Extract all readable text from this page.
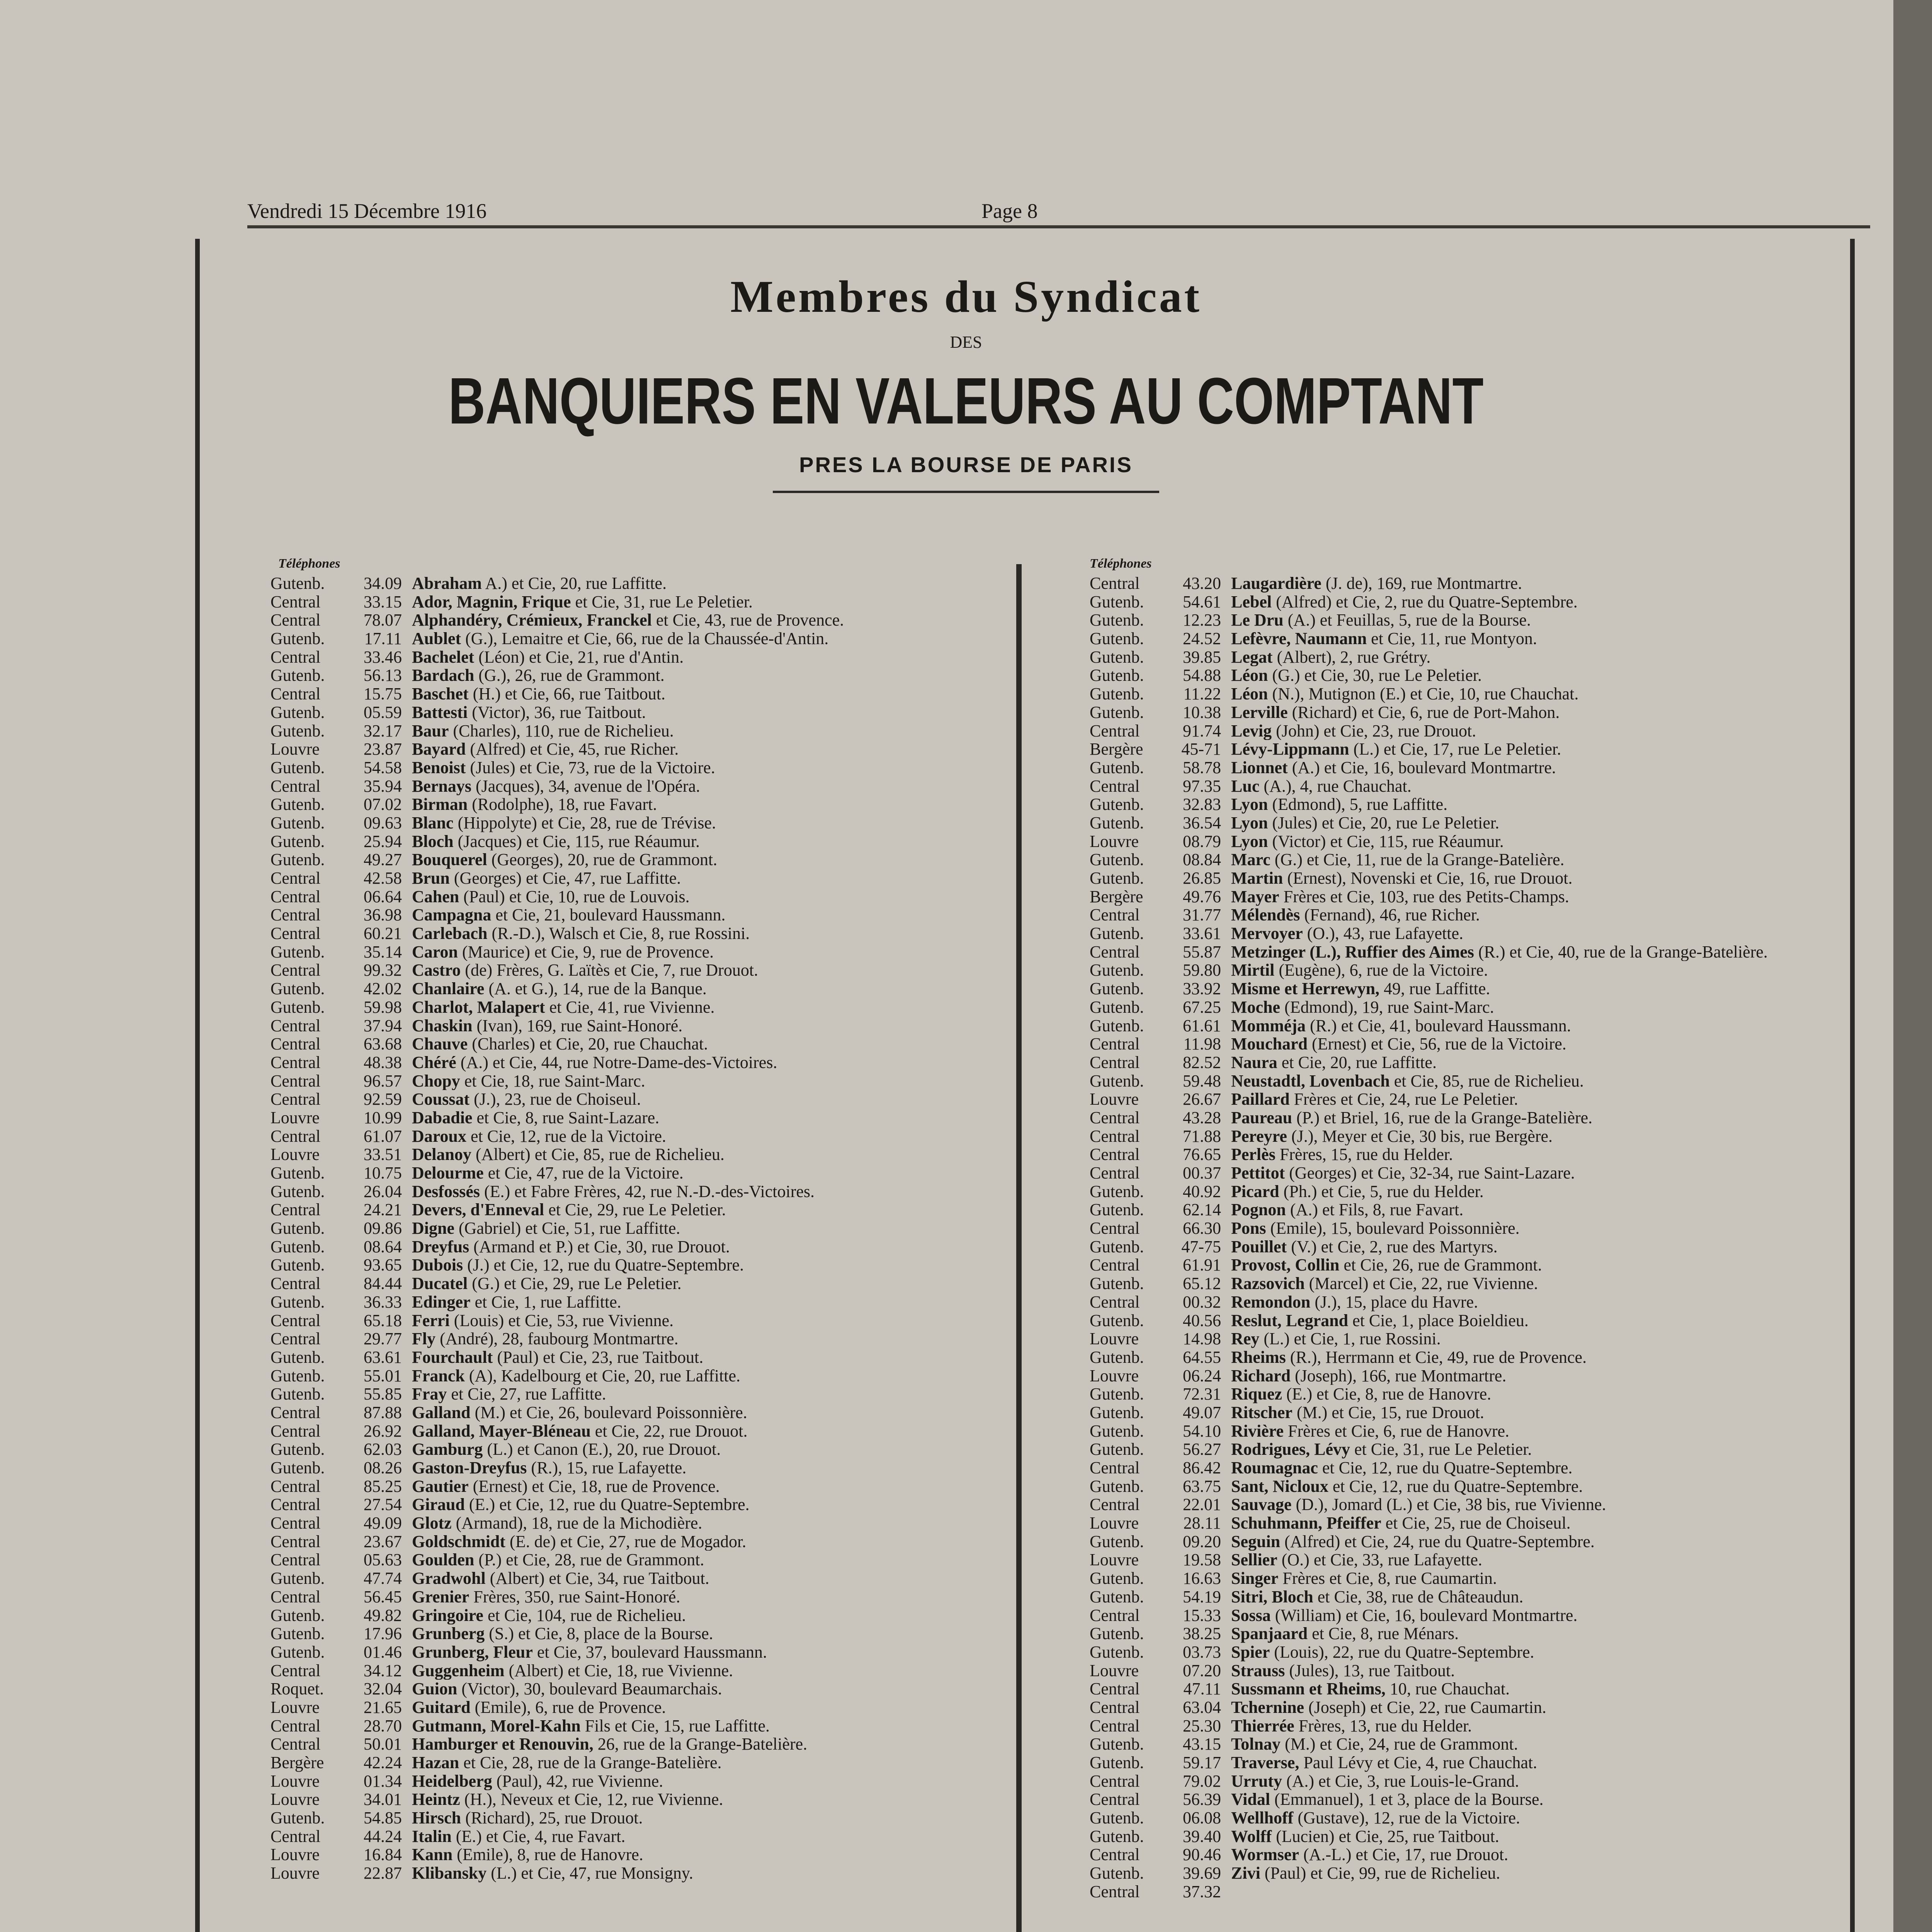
Vendredi 15 Décembre 1916	Page 8
Membres du Syndicat
DES
BANQUIERS EN VALEURS AU COMPTANT
PRES LA BOURSE DE PARIS
Téléphones
Gutenb.	34.09 Abraham A.) et Cie, 20, rue Laffitte.
Central	33.15 Ador, Magnin, Frique et Cie, 31, rue Le Peletier.
Central	78.07 Alphandéry, Crémieux, Franckel et Cie, 43, rue de Provence.
Gutenb.	17.11 Aublet (G.), Lemaitre et Cie, 66, rue de la Chaussée-d'Antin.
Central	33.46 Bachelet (Léon) et Cie, 21, rue d'Antin.
Gutenb.	56.13 Bardach (G.), 26, rue de Grammont.
Central	15.75 Baschet (H.) et Cie, 66, rue Taitbout.
Gutenb.	05.59 Battesti (Victor), 36, rue Taitbout.
Gutenb.	32.17 Baur (Charles), 110, rue de Richelieu.
Louvre	23.87 Bayard (Alfred) et Cie, 45, rue Richer.
Gutenb.	54.58 Benoist (Jules) et Cie, 73, rue de la Victoire.
Central	35.94 Bernays (Jacques), 34, avenue de l'Opéra.
Gutenb.	07.02 Birman (Rodolphe), 18, rue Favart.
Gutenb.	09.63 Blanc (Hippolyte) et Cie, 28, rue de Trévise.
Gutenb.	25.94 Bloch (Jacques) et Cie, 115, rue Réaumur.
Gutenb.	49.27 Bouquerel (Georges), 20, rue de Grammont.
Central	42.58 Brun (Georges) et Cie, 47, rue Laffitte.
Central	06.64 Cahen (Paul) et Cie, 10, rue de Louvois.
Central	36.98 Campagna et Cie, 21, boulevard Haussmann.
Central	60.21 Carlebach (R.-D.), Walsch et Cie, 8, rue Rossini.
Gutenb.	35.14 Caron (Maurice) et Cie, 9, rue de Provence.
Central	99.32 Castro (de) Frères, G. Laïtès et Cie, 7, rue Drouot.
Gutenb.	42.02 Chanlaire (A. et G.), 14, rue de la Banque.
Gutenb.	59.98 Charlot, Malapert et Cie, 41, rue Vivienne.
Central	37.94 Chaskin (Ivan), 169, rue Saint-Honoré.
Central	63.68 Chauve (Charles) et Cie, 20, rue Chauchat.
Central	48.38 Chéré (A.) et Cie, 44, rue Notre-Dame-des-Victoires.
Central	96.57 Chopy et Cie, 18, rue Saint-Marc.
Central	92.59 Coussat (J.), 23, rue de Choiseul.
Louvre	10.99 Dabadie et Cie, 8, rue Saint-Lazare.
Central	61.07 Daroux et Cie, 12, rue de la Victoire.
Louvre	33.51 Delanoy (Albert) et Cie, 85, rue de Richelieu.
Gutenb.	10.75 Delourme et Cie, 47, rue de la Victoire.
Gutenb.	26.04 Desfossés (E.) et Fabre Frères, 42, rue N.-D.-des-Victoires.
Central	24.21 Devers, d'Enneval et Cie, 29, rue Le Peletier.
Gutenb.	09.86 Digne (Gabriel) et Cie, 51, rue Laffitte.
Gutenb.	08.64 Dreyfus (Armand et P.) et Cie, 30, rue Drouot.
Gutenb.	93.65 Dubois (J.) et Cie, 12, rue du Quatre-Septembre.
Central	84.44 Ducatel (G.) et Cie, 29, rue Le Peletier.
Gutenb.	36.33 Edinger et Cie, 1, rue Laffitte.
Central	65.18 Ferri (Louis) et Cie, 53, rue Vivienne.
Central	29.77 Fly (André), 28, faubourg Montmartre.
Gutenb.	63.61 Fourchault (Paul) et Cie, 23, rue Taitbout.
Gutenb.	55.01 Franck (A), Kadelbourg et Cie, 20, rue Laffitte.
Gutenb.	55.85 Fray et Cie, 27, rue Laffitte.
Central	87.88 Galland (M.) et Cie, 26, boulevard Poissonnière.
Central	26.92 Galland, Mayer-Bléneau et Cie, 22, rue Drouot.
Gutenb.	62.03 Gamburg (L.) et Canon (E.), 20, rue Drouot.
Gutenb.	08.26 Gaston-Dreyfus (R.), 15, rue Lafayette.
Central	85.25 Gautier (Ernest) et Cie, 18, rue de Provence.
Central	27.54 Giraud (E.) et Cie, 12, rue du Quatre-Septembre.
Central	49.09 Glotz (Armand), 18, rue de la Michodière.
Central	23.67 Goldschmidt (E. de) et Cie, 27, rue de Mogador.
Central	05.63 Goulden (P.) et Cie, 28, rue de Grammont.
Gutenb.	47.74 Gradwohl (Albert) et Cie, 34, rue Taitbout.
Central	56.45 Grenier Frères, 350, rue Saint-Honoré.
Gutenb.	49.82 Gringoire et Cie, 104, rue de Richelieu.
Gutenb.	17.96 Grunberg (S.) et Cie, 8, place de la Bourse.
Gutenb.	01.46 Grunberg, Fleur et Cie, 37, boulevard Haussmann.
Central	34.12 Guggenheim (Albert) et Cie, 18, rue Vivienne.
Roquet.	32.04 Guion (Victor), 30, boulevard Beaumarchais.
Louvre	21.65 Guitard (Emile), 6, rue de Provence.
Central	28.70 Gutmann, Morel-Kahn Fils et Cie, 15, rue Laffitte.
Central	50.01 Hamburger et Renouvin, 26, rue de la Grange-Batelière.
Bergère	42.24 Hazan et Cie, 28, rue de la Grange-Batelière.
Louvre	01.34 Heidelberg (Paul), 42, rue Vivienne.
Louvre	34.01 Heintz (H.), Neveux et Cie, 12, rue Vivienne.
Gutenb.	54.85 Hirsch (Richard), 25, rue Drouot.
Central	44.24 Italin (E.) et Cie, 4, rue Favart.
Louvre	16.84 Kann (Emile), 8, rue de Hanovre.
Louvre	22.87 Klibansky (L.) et Cie, 47, rue Monsigny.
Téléphones
Central	43.20 Laugardière (J. de), 169, rue Montmartre.
Gutenb.	54.61 Lebel (Alfred) et Cie, 2, rue du Quatre-Septembre.
Gutenb.	12.23 Le Dru (A.) et Feuillas, 5, rue de la Bourse.
Gutenb.	24.52 Lefèvre, Naumann et Cie, 11, rue Montyon.
Gutenb.	39.85 Legat (Albert), 2, rue Grétry.
Gutenb.	54.88 Léon (G.) et Cie, 30, rue Le Peletier.
Gutenb.	11.22 Léon (N.), Mutignon (E.) et Cie, 10, rue Chauchat.
Gutenb.	10.38 Lerville (Richard) et Cie, 6, rue de Port-Mahon.
Central	91.74 Levig (John) et Cie, 23, rue Drouot.
Bergère	45-71 Lévy-Lippmann (L.) et Cie, 17, rue Le Peletier.
Gutenb.	58.78 Lionnet (A.) et Cie, 16, boulevard Montmartre.
Central	97.35 Luc (A.), 4, rue Chauchat.
Gutenb.	32.83 Lyon (Edmond), 5, rue Laffitte.
Gutenb.	36.54 Lyon (Jules) et Cie, 20, rue Le Peletier.
Louvre	08.79 Lyon (Victor) et Cie, 115, rue Réaumur.
Gutenb.	08.84 Marc (G.) et Cie, 11, rue de la Grange-Batelière.
Gutenb.	26.85 Martin (Ernest), Novenski et Cie, 16, rue Drouot.
Bergère	49.76 Mayer Frères et Cie, 103, rue des Petits-Champs.
Central	31.77 Mélendès (Fernand), 46, rue Richer.
Gutenb.	33.61 Mervoyer (O.), 43, rue Lafayette.
Central	55.87 Metzinger (L.), Ruffier des Aimes (R.) et Cie, 40, rue de la Grange-Batelière.
Gutenb.	59.80 Mirtil (Eugène), 6, rue de la Victoire.
Gutenb.	33.92 Misme et Herrewyn, 49, rue Laffitte.
Gutenb.	67.25 Moche (Edmond), 19, rue Saint-Marc.
Gutenb.	61.61 Momméja (R.) et Cie, 41, boulevard Haussmann.
Central	11.98 Mouchard (Ernest) et Cie, 56, rue de la Victoire.
Central	82.52 Naura et Cie, 20, rue Laffitte.
Gutenb.	59.48 Neustadtl, Lovenbach et Cie, 85, rue de Richelieu.
Louvre	26.67 Paillard Frères et Cie, 24, rue Le Peletier.
Central	43.28 Paureau (P.) et Briel, 16, rue de la Grange-Batelière.
Central	71.88 Pereyre (J.), Meyer et Cie, 30 bis, rue Bergère.
Central	76.65 Perlès Frères, 15, rue du Helder.
Central	00.37 Pettitot (Georges) et Cie, 32-34, rue Saint-Lazare.
Gutenb.	40.92 Picard (Ph.) et Cie, 5, rue du Helder.
Gutenb.	62.14 Pognon (A.) et Fils, 8, rue Favart.
Central	66.30 Pons (Emile), 15, boulevard Poissonnière.
Gutenb.	47-75 Pouillet (V.) et Cie, 2, rue des Martyrs.
Central	61.91 Provost, Collin et Cie, 26, rue de Grammont.
Gutenb.	65.12 Razsovich (Marcel) et Cie, 22, rue Vivienne.
Central	00.32 Remondon (J.), 15, place du Havre.
Gutenb.	40.56 Reslut, Legrand et Cie, 1, place Boieldieu.
Louvre	14.98 Rey (L.) et Cie, 1, rue Rossini.
Gutenb.	64.55 Rheims (R.), Herrmann et Cie, 49, rue de Provence.
Louvre	06.24 Richard (Joseph), 166, rue Montmartre.
Gutenb.	72.31 Riquez (E.) et Cie, 8, rue de Hanovre.
Gutenb.	49.07 Ritscher (M.) et Cie, 15, rue Drouot.
Gutenb.	54.10 Rivière Frères et Cie, 6, rue de Hanovre.
Gutenb.	56.27 Rodrigues, Lévy et Cie, 31, rue Le Peletier.
Central	86.42 Roumagnac et Cie, 12, rue du Quatre-Septembre.
Gutenb.	63.75 Sant, Nicloux et Cie, 12, rue du Quatre-Septembre.
Central	22.01 Sauvage (D.), Jomard (L.) et Cie, 38 bis, rue Vivienne.
Louvre	28.11 Schuhmann, Pfeiffer et Cie, 25, rue de Choiseul.
Gutenb.	09.20 Seguin (Alfred) et Cie, 24, rue du Quatre-Septembre.
Louvre	19.58 Sellier (O.) et Cie, 33, rue Lafayette.
Gutenb.	16.63 Singer Frères et Cie, 8, rue Caumartin.
Gutenb.	54.19 Sitri, Bloch et Cie, 38, rue de Châteaudun.
Central	15.33 Sossa (William) et Cie, 16, boulevard Montmartre.
Gutenb.	38.25 Spanjaard et Cie, 8, rue Ménars.
Gutenb.	03.73 Spier (Louis), 22, rue du Quatre-Septembre.
Louvre	07.20 Strauss (Jules), 13, rue Taitbout.
Central	47.11 Sussmann et Rheims, 10, rue Chauchat.
Central	63.04 Tchernine (Joseph) et Cie, 22, rue Caumartin.
Central	25.30 Thierrée Frères, 13, rue du Helder.
Gutenb.	43.15 Tolnay (M.) et Cie, 24, rue de Grammont.
Gutenb.	59.17 Traverse, Paul Lévy et Cie, 4, rue Chauchat.
Central	79.02 Urruty (A.) et Cie, 3, rue Louis-le-Grand.
Central	56.39 Vidal (Emmanuel), 1 et 3, place de la Bourse.
Gutenb.	06.08 Wellhoff (Gustave), 12, rue de la Victoire.
Gutenb.	39.40 Wolff (Lucien) et Cie, 25, rue Taitbout.
Central	90.46 Wormser (A.-L.) et Cie, 17, rue Drouot.
Gutenb.	39.69 Zivi (Paul) et Cie, 99, rue de Richelieu.
Central	37.32
